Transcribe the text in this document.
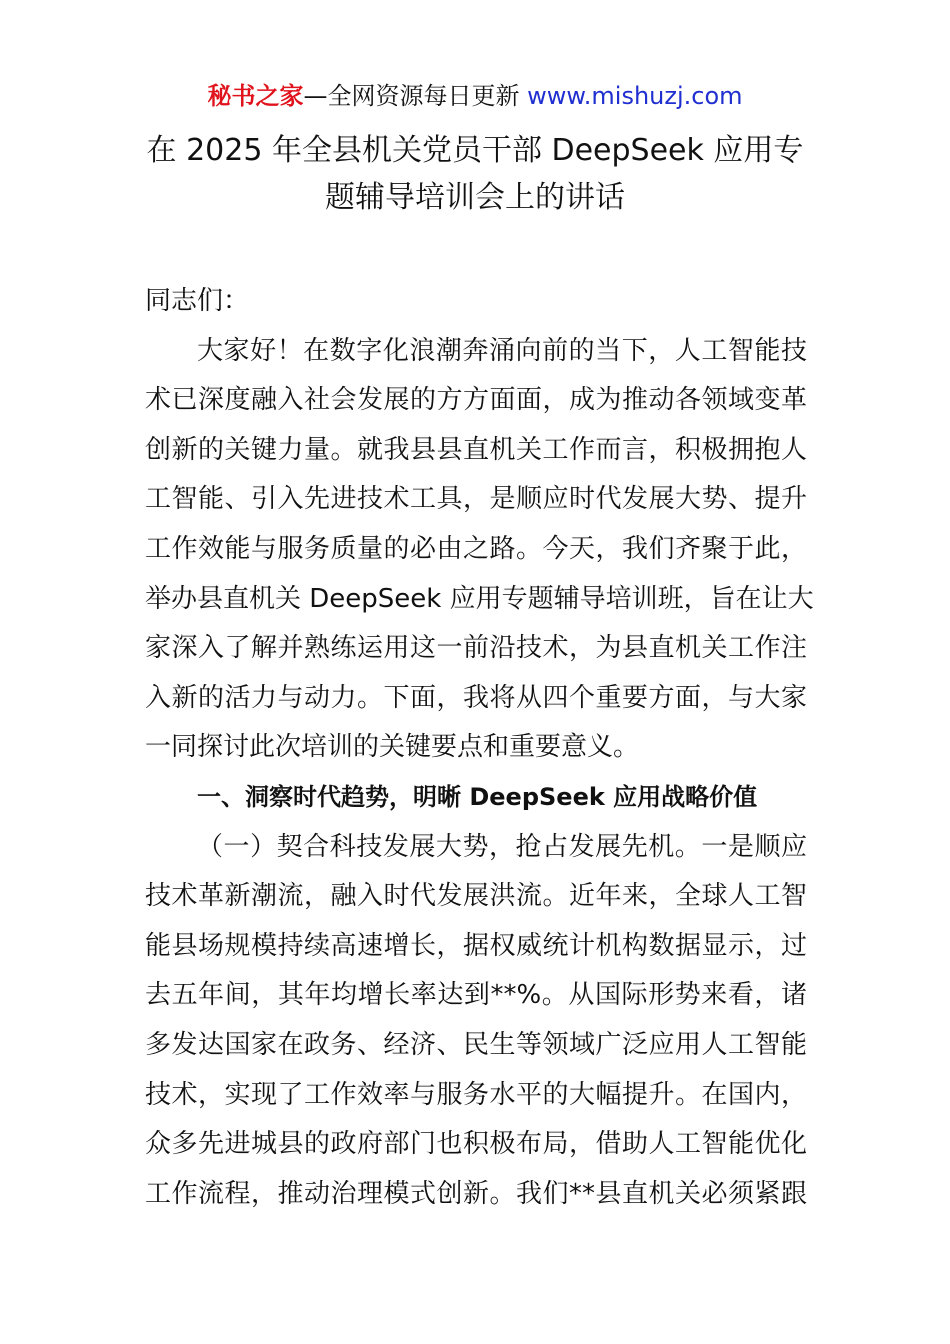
秘书之家—全网资源每日更新 www.mishuzj.com
在 2025 年全县机关党员干部 DeepSeek 应用专
题辅导培训会上的讲话
同志们：
大家好！在数字化浪潮奔涌向前的当下，人工智能技
术已深度融入社会发展的方方面面，成为推动各领域变革
创新的关键力量。就我县县直机关工作而言，积极拥抱人
工智能、引入先进技术工具，是顺应时代发展大势、提升
工作效能与服务质量的必由之路。今天，我们齐聚于此，
举办县直机关 DeepSeek 应用专题辅导培训班，旨在让大
家深入了解并熟练运用这一前沿技术，为县直机关工作注
入新的活力与动力。下面，我将从四个重要方面，与大家
一同探讨此次培训的关键要点和重要意义。
一、洞察时代趋势，明晰 DeepSeek 应用战略价值
（一）契合科技发展大势，抢占发展先机。一是顺应
技术革新潮流，融入时代发展洪流。近年来，全球人工智
能县场规模持续高速增长，据权威统计机构数据显示，过
去五年间，其年均增长率达到**%。从国际形势来看，诸
多发达国家在政务、经济、民生等领域广泛应用人工智能
技术，实现了工作效率与服务水平的大幅提升。在国内，
众多先进城县的政府部门也积极布局，借助人工智能优化
工作流程，推动治理模式创新。我们**县直机关必须紧跟
